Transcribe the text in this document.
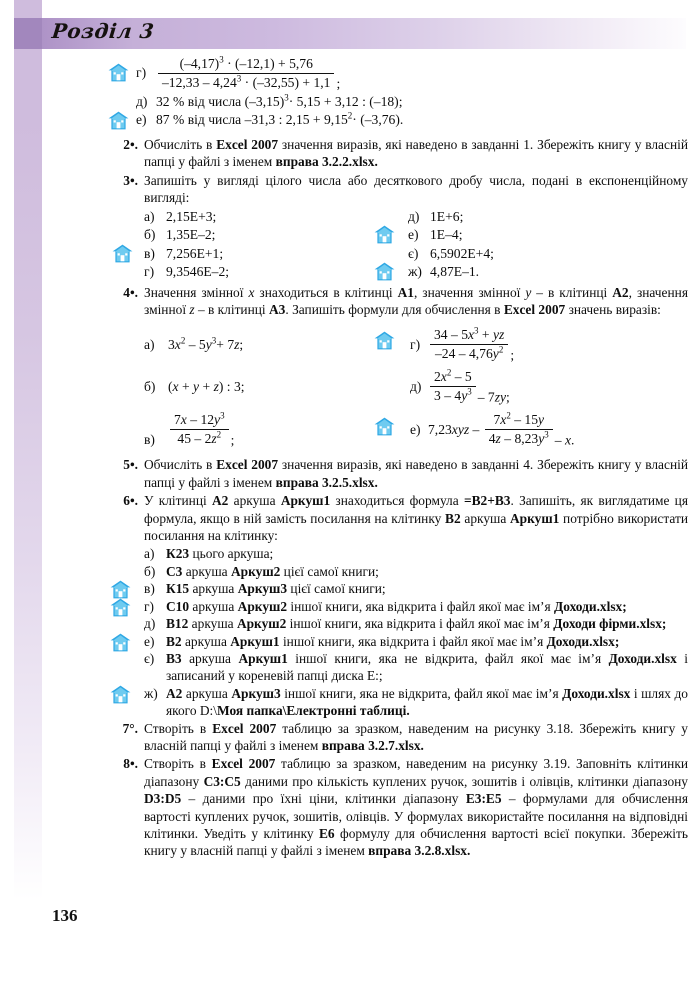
Розділ 3
136
$г) \frac{(-4,17)^3 \cdot (-12,1) + 5,76}{-12,33 - 4,24^3 \cdot (-32,55) + 1,1}$ ;
д) 32 % від числа $(-3,15)^3\cdot 5,15 + 3,12$ : (–18);
е) 87 % від числа –31,3 : $2,15 + 9,15^2\cdot (-3,76)$.
2•. Обчисліть в Excel 2007 значення виразів, які наведено в завданні 1. Збережіть книгу у власній папці у файлі з іменем вправа 3.2.2.xlsx.
3•. Запишіть у вигляді цілого числа або десяткового дробу числа, подані в експоненційному вигляді:
а) 2,15Е+3;	д) 1Е+6;
б) 1,35Е–2;	е) 1Е–4;
в) 7,256Е+1;	є) 6,5902Е+4;
г) 9,3546Е–2;	ж) 4,87Е–1.
4•. Значення змінної x знаходиться в клітинці А1, значення змінної y – в клітинці А2, значення змінної z – в клітинці А3. Запишіть формули для обчислення в Excel 2007 значень виразів:
а) $3x^2 - 5y^3+ 7z$;	$г) \frac{34 - 5x^3 + yz}{-24 - 4,76y^2}$ ;
б) (x + y + z) : 3;	$д) \frac{2x^2 - 5}{3 - 4y^3} - 7zy$;
$в) \frac{7x - 12y^3}{45 - 2z^2}$ ;
е) $7,23xyz - \frac{7x^2 - 15y}{4z - 8,23y^3}$ – x.
5•. Обчисліть в Excel 2007 значення виразів, які наведено в завданні 4. Збережіть книгу у власній папці у файлі з іменем вправа 3.2.5.xlsx.
6•. У клітинці А2 аркуша Аркуш1 знаходиться формула =В2+В3. Запишіть, як виглядатиме ця формула, якщо в ній замість посилання на клітинку В2 аркуша Аркуш1 потрібно використати посилання на клітинку:
а) К23 цього аркуша;
б) С3 аркуша Аркуш2 цієї самої книги;
в) К15 аркуша Аркуш3 цієї самої книги;
г) С10 аркуша Аркуш2 іншої книги, яка відкрита і файл якої має ім’я Доходи.xlsx;
д) В12 аркуша Аркуш2 іншої книги, яка відкрита і файл якої має ім’я Доходи фірми.xlsx;
е) В2 аркуша Аркуш1 іншої книги, яка відкрита і файл якої має ім’я Доходи.xlsx;
є) В3 аркуша Аркуш1 іншої книги, яка не відкрита, файл якої має ім’я Доходи.xlsx і записаний у кореневій папці диска Е:;
ж) А2 аркуша Аркуш3 іншої книги, яка не відкрита, файл якої має ім’я Доходи.xlsx і шлях до якого D:\Моя папка\Електронні таблиці.
7°. Створіть в Excel 2007 таблицю за зразком, наведеним на рисунку 3.18. Збережіть книгу у власній папці у файлі з іменем вправа 3.2.7.xlsx.
8•. Створіть в Excel 2007 таблицю за зразком, наведеним на рисунку 3.19. Заповніть клітинки діапазону С3:С5 даними про кількість куплених ручок, зошитів і олівців, клітинки діапазону D3:D5 – даними про їхні ціни, клітинки діапазону Е3:Е5 – формулами для обчислення вартості куплених ручок, зошитів, олівців. У формулах використайте посилання на відповідні клітинки. Уведіть у клітинку Е6 формулу для обчислення вартості всієї покупки. Збережіть книгу у власній папці у файлі з іменем вправа 3.2.8.xlsx.
